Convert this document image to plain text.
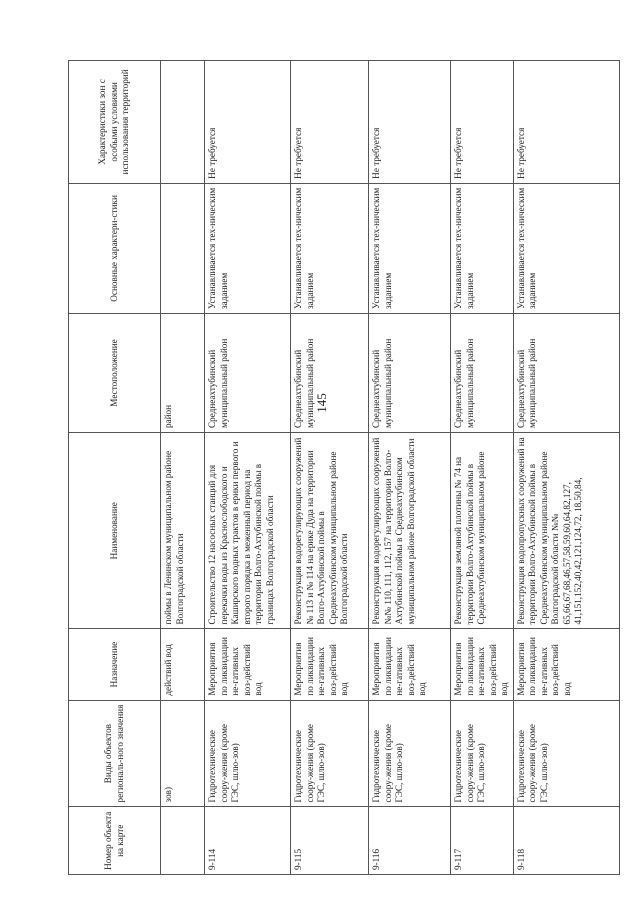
145
Номер объекта на карте	Виды объектов региональ-ного значения	Назначение	Наименование	Местоположение	Основные характери-стики	Характеристики зон с особыми условиями использования территорий
	зов)	действий вод	поймы в Ленинском муниципальном районе Волгоградской области	район		
9-114	Гидротехнические соору-жения (кроме ГЭС, шлю-зов)	Мероприятия по ликвидации не-гативных воз-действий вод	Строительство 12 насосных станций для перекачки воды из Краснослободского и Каширского водных трактов в ерики первого и второго порядка в меженный период на территории Волго-Ахтубинской поймы в границах Волгоградской области	Среднеахтубинский муниципальный район	Устанавливается тех-ническим заданием	Не требуется
9-115	Гидротехнические соору-жения (кроме ГЭС, шлю-зов)	Мероприятия по ликвидации не-гативных воз-действий вод	Реконструкция водорегулирующих сооружений № 113 и № 114 на ерике Дуда на территории Волго-Ахтубинской поймы в Среднеахтубинском муниципальном районе Волгоградской области	Среднеахтубинский муниципальный район	Устанавливается тех-ническим заданием	Не требуется
9-116	Гидротехнические соору-жения (кроме ГЭС, шлю-зов)	Мероприятия по ликвидации не-гативных воз-действий вод	Реконструкция водорегулирующих сооружений №№ 110, 111, 112, 157 на территории Волго-Ахтубинской поймы в Среднеахтубинском муниципальном районе Волгоградской области	Среднеахтубинский муниципальный район	Устанавливается тех-ническим заданием	Не требуется
9-117	Гидротехнические соору-жения (кроме ГЭС, шлю-зов)	Мероприятия по ликвидации не-гативных воз-действий вод	Реконструкция земляной плотины № 74 на территории Волго-Ахтубинской поймы в Среднеахтубинском муниципальном районе	Среднеахтубинский муниципальный район	Устанавливается тех-ническим заданием	Не требуется
9-118	Гидротехнические соору-жения (кроме ГЭС, шлю-зов)	Мероприятия по ликвидации не-гативных воз-действий вод	Реконструкция водопропускных сооружений на территории Волго-Ахтубинской поймы в Среднеахтубинском муниципальном районе Волгоградской области №№ 65,66,67,68,46,57,58,59,60,64,82,127, 41,151,152,40,42,121,124,72, 18,50,84,	Среднеахтубинский муниципальный район	Устанавливается тех-ническим заданием	Не требуется
